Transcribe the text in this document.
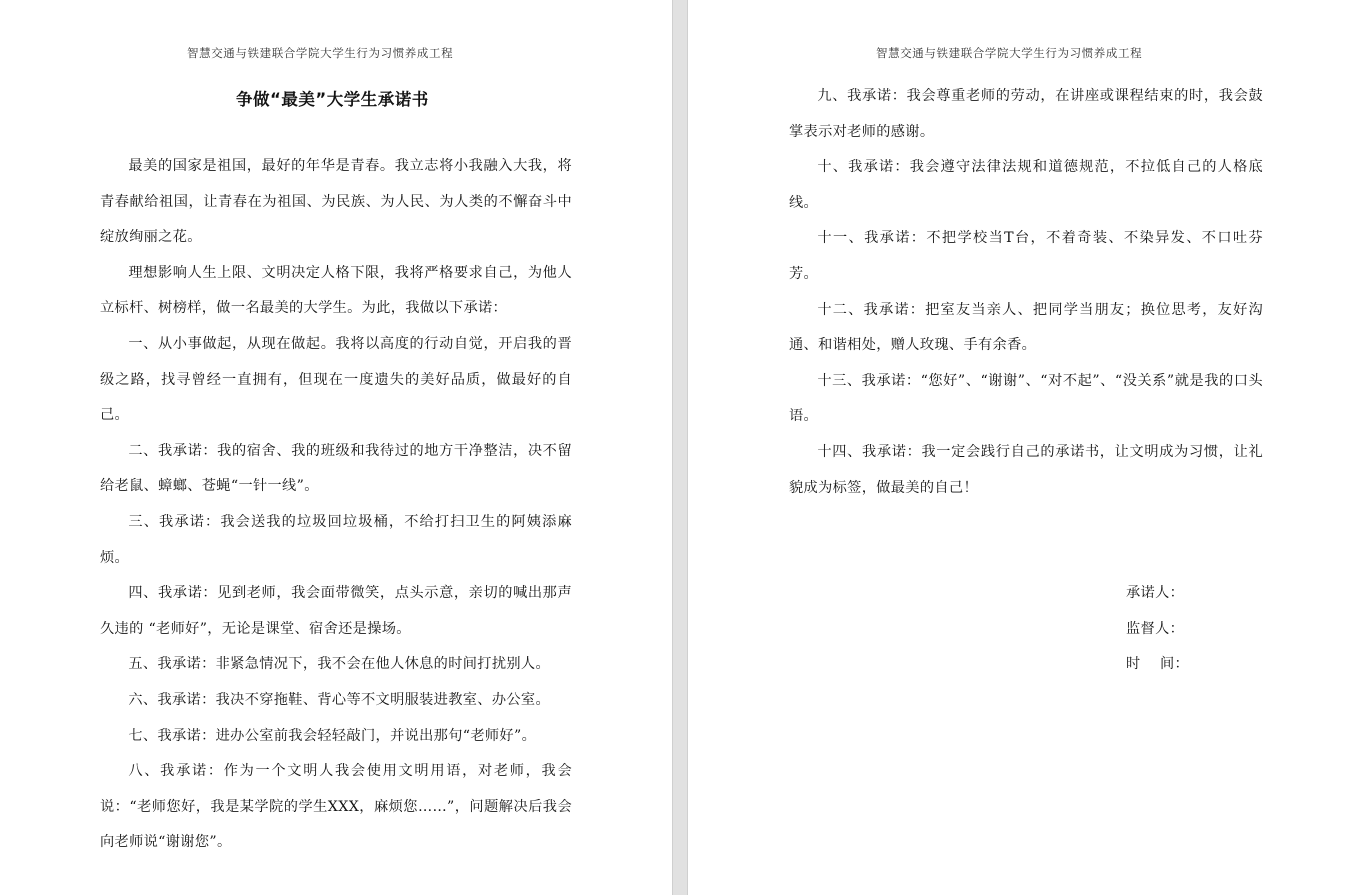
智慧交通与铁建联合学院大学生行为习惯养成工程
争做“最美”大学生承诺书

最美的国家是祖国，最好的年华是青春。我立志将小我融入大我，将青春献给祖国，让青春在为祖国、为民族、为人民、为人类的不懈奋斗中绽放绚丽之花。

理想影响人生上限、文明决定人格下限，我将严格要求自己，为他人立标杆、树榜样，做一名最美的大学生。为此，我做以下承诺：

一、从小事做起，从现在做起。我将以高度的行动自觉，开启我的晋级之路，找寻曾经一直拥有，但现在一度遗失的美好品质，做最好的自己。

二、我承诺：我的宿舍、我的班级和我待过的地方干净整洁，决不留给老鼠、蟑螂、苍蝇“一针一线”。

三、我承诺：我会送我的垃圾回垃圾桶，不给打扫卫生的阿姨添麻烦。

四、我承诺：见到老师，我会面带微笑，点头示意，亲切的喊出那声久违的 “老师好”，无论是课堂、宿舍还是操场。

五、我承诺：非紧急情况下，我不会在他人休息的时间打扰别人。

六、我承诺：我决不穿拖鞋、背心等不文明服装进教室、办公室。

七、我承诺：进办公室前我会轻轻敲门，并说出那句“老师好”。

八、我承诺：作为一个文明人我会使用文明用语，对老师，我会说：“老师您好，我是某学院的学生XXX，麻烦您……”，问题解决后我会向老师说“谢谢您”。

智慧交通与铁建联合学院大学生行为习惯养成工程

九、我承诺：我会尊重老师的劳动，在讲座或课程结束的时，我会鼓掌表示对老师的感谢。

十、我承诺：我会遵守法律法规和道德规范，不拉低自己的人格底线。

十一、我承诺：不把学校当T台，不着奇装、不染异发、不口吐芬芳。

十二、我承诺：把室友当亲人、把同学当朋友；换位思考，友好沟通、和谐相处，赠人玫瑰、手有余香。

十三、我承诺：“您好”、“谢谢”、“对不起”、“没关系”就是我的口头语。

十四、我承诺：我一定会践行自己的承诺书，让文明成为习惯，让礼貌成为标签，做最美的自己！

承诺人：
监督人：
时    间：
